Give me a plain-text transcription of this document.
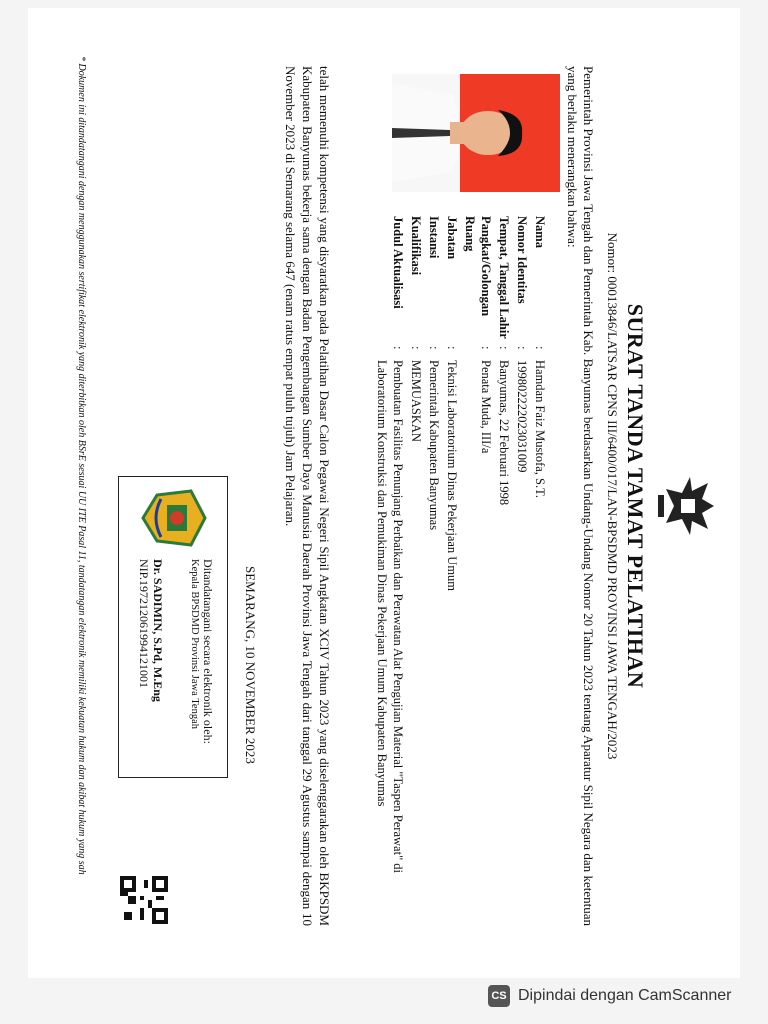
SURAT TANDA TAMAT PELATIHAN
Nomor: 00013846/LATSAR CPNS III/6400/017/LAN-BPSDMD PROVINSI JAWA TENGAH/2023
Pemerintah Provinsi Jawa Tengah dan Pemerintah Kab. Banyumas berdasarkan Undang-Undang Nomor 20 Tahun 2023 tentang Aparatur Sipil Negara dan ketentuan yang berlaku menerangkan bahwa:
Nama
:
Hamdan Faiz Mustofa, S.T.
Nomor Identitas
:
199802222023031009
Tempat, Tanggal Lahir
:
Banyumas, 22 Februari 1998
Pangkat/Golongan Ruang
:
Penata Muda, III/a
Jabatan
:
Teknisi Laboratorium Dinas Pekerjaan Umum
Instansi
:
Pemerintah Kabupaten Banyumas
Kualifikasi
:
MEMUASKAN
Judul Aktualisasi
:
Pembuatan Fasilitas Penunjang Perbaikan dan Perawatan Alat Pengujian Material "Taspen Perawat" di Laboratorium Konstruksi dan Pemukiman Dinas Pekerjaan Umum Kabupaten Banyumas
telah memenuhi kompetensi yang disyaratkan pada Pelatihan Dasar Calon Pegawai Negeri Sipil Angkatan XCIV Tahun 2023 yang diselenggarakan oleh BKPSDM Kabupaten Banyumas bekerja sama dengan Badan Pengembangan Sumber Daya Manusia Daerah Provinsi Jawa Tengah dari tanggal 29 Agustus sampai dengan 10 November 2023 di Semarang selama 647 (enam ratus empat puluh tujuh) Jam Pelajaran.
SEMARANG, 10 NOVEMBER 2023
Ditandatangani secara elektronik oleh:
Kepala BPSDMD Provinsi Jawa Tengah
Dr. SADIMIN, S.Pd, M.Eng
NIP.197212061994121001
* Dokumen ini ditandatangani dengan menggunakan sertifikat elektronik yang diterbitkan oleh BSrE sesuai UU ITE Pasal 11, tandatangan elektronik memiliki kekuatan hukum dan akibat hukum yang sah
CS Dipindai dengan CamScanner
